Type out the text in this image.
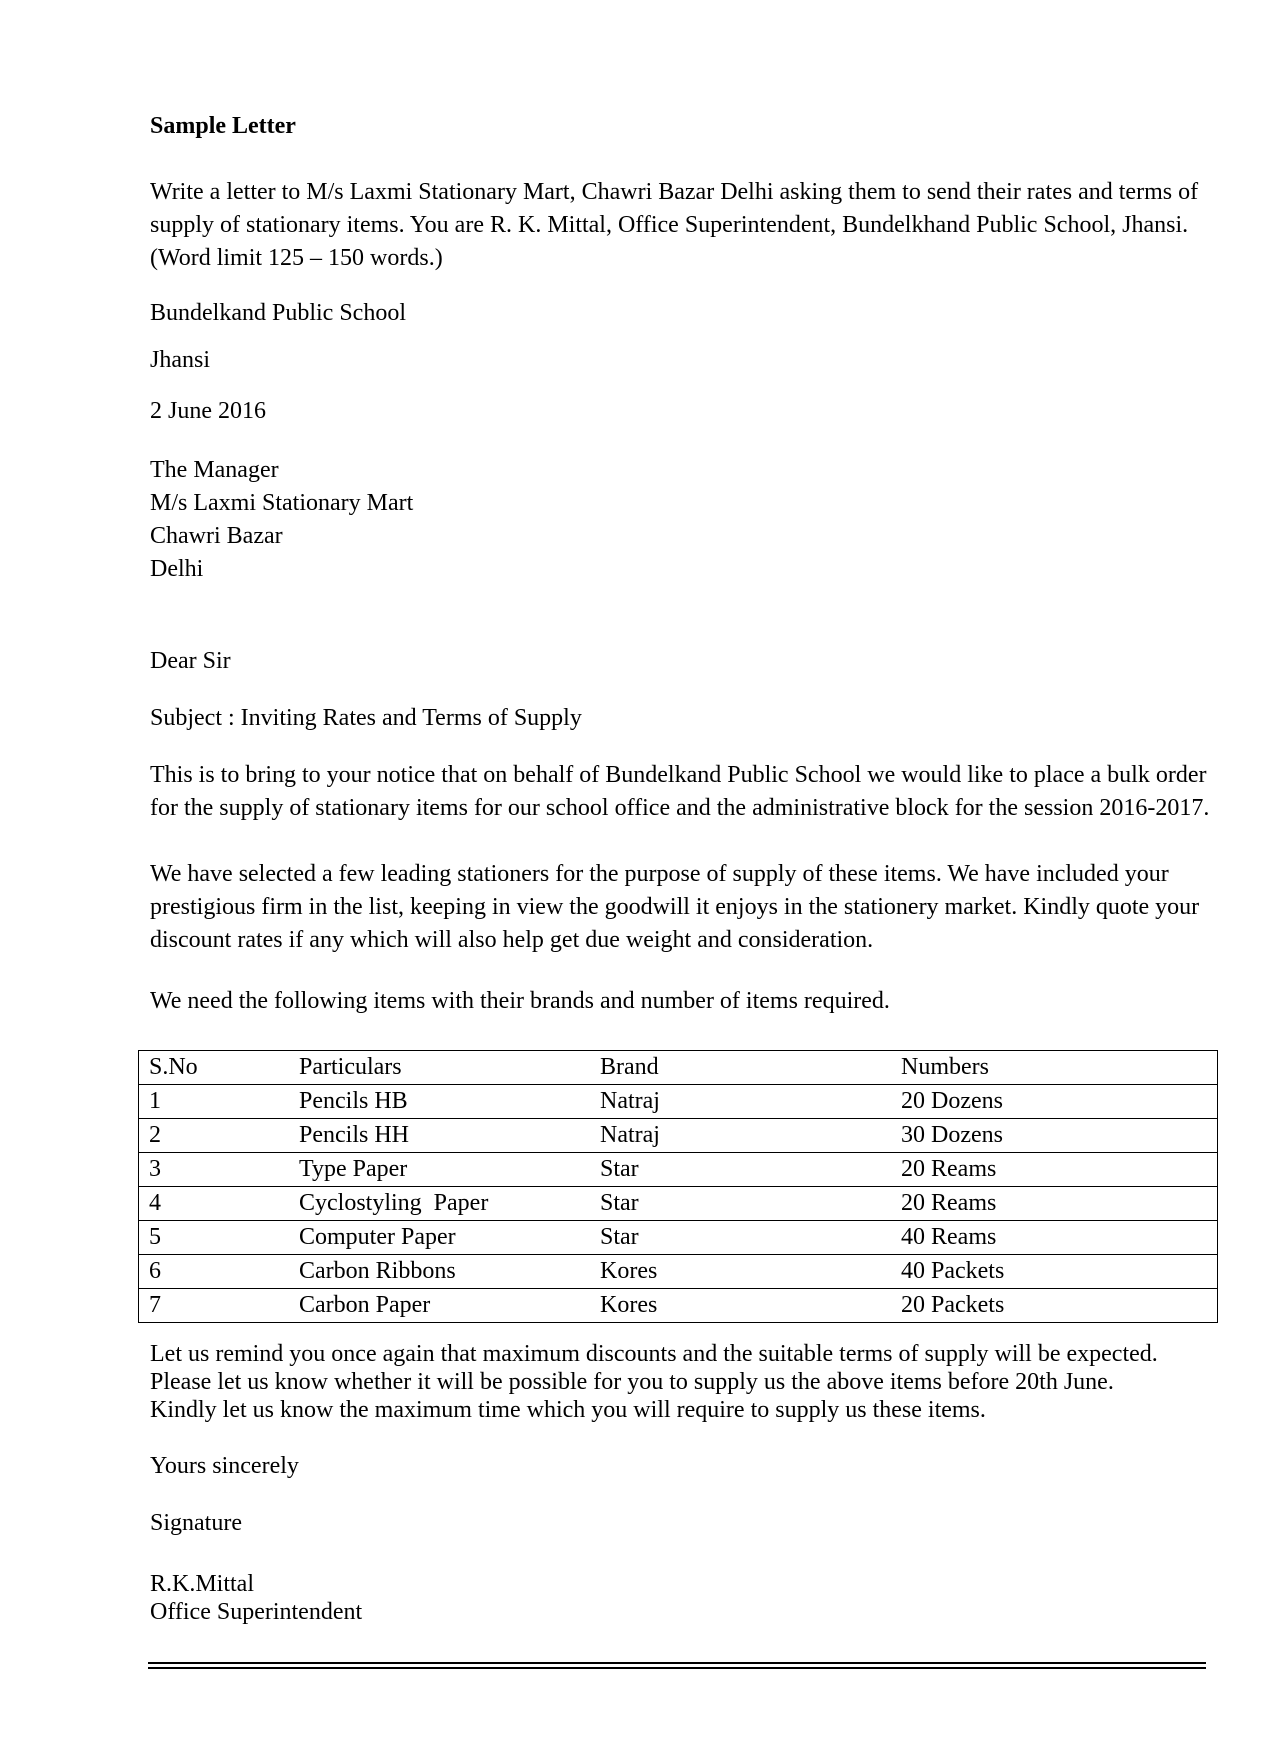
Sample Letter

Write a letter to M/s Laxmi Stationary Mart, Chawri Bazar Delhi asking them to send their rates and terms of supply of stationary items. You are R. K. Mittal, Office Superintendent, Bundelkhand Public School, Jhansi. (Word limit 125 – 150 words.)

Bundelkand Public School

Jhansi

2 June 2016

The Manager
M/s Laxmi Stationary Mart
Chawri Bazar
Delhi

Dear Sir

Subject : Inviting Rates and Terms of Supply

This is to bring to your notice that on behalf of Bundelkand Public School we would like to place a bulk order for the supply of stationary items for our school office and the administrative block for the session 2016-2017.

We have selected a few leading stationers for the purpose of supply of these items. We have included your prestigious firm in the list, keeping in view the goodwill it enjoys in the stationery market. Kindly quote your discount rates if any which will also help get due weight and consideration.

We need the following items with their brands and number of items required.

S.No	Particulars	Brand	Numbers
1	Pencils HB	Natraj	20 Dozens
2	Pencils HH	Natraj	30 Dozens
3	Type Paper	Star	20 Reams
4	Cyclostyling  Paper	Star	20 Reams
5	Computer Paper	Star	40 Reams
6	Carbon Ribbons	Kores	40 Packets
7	Carbon Paper	Kores	20 Packets
Let us remind you once again that maximum discounts and the suitable terms of supply will be expected.
Please let us know whether it will be possible for you to supply us the above items before 20th June.
Kindly let us know the maximum time which you will require to supply us these items.

Yours sincerely

Signature

R.K.Mittal
Office Superintendent
